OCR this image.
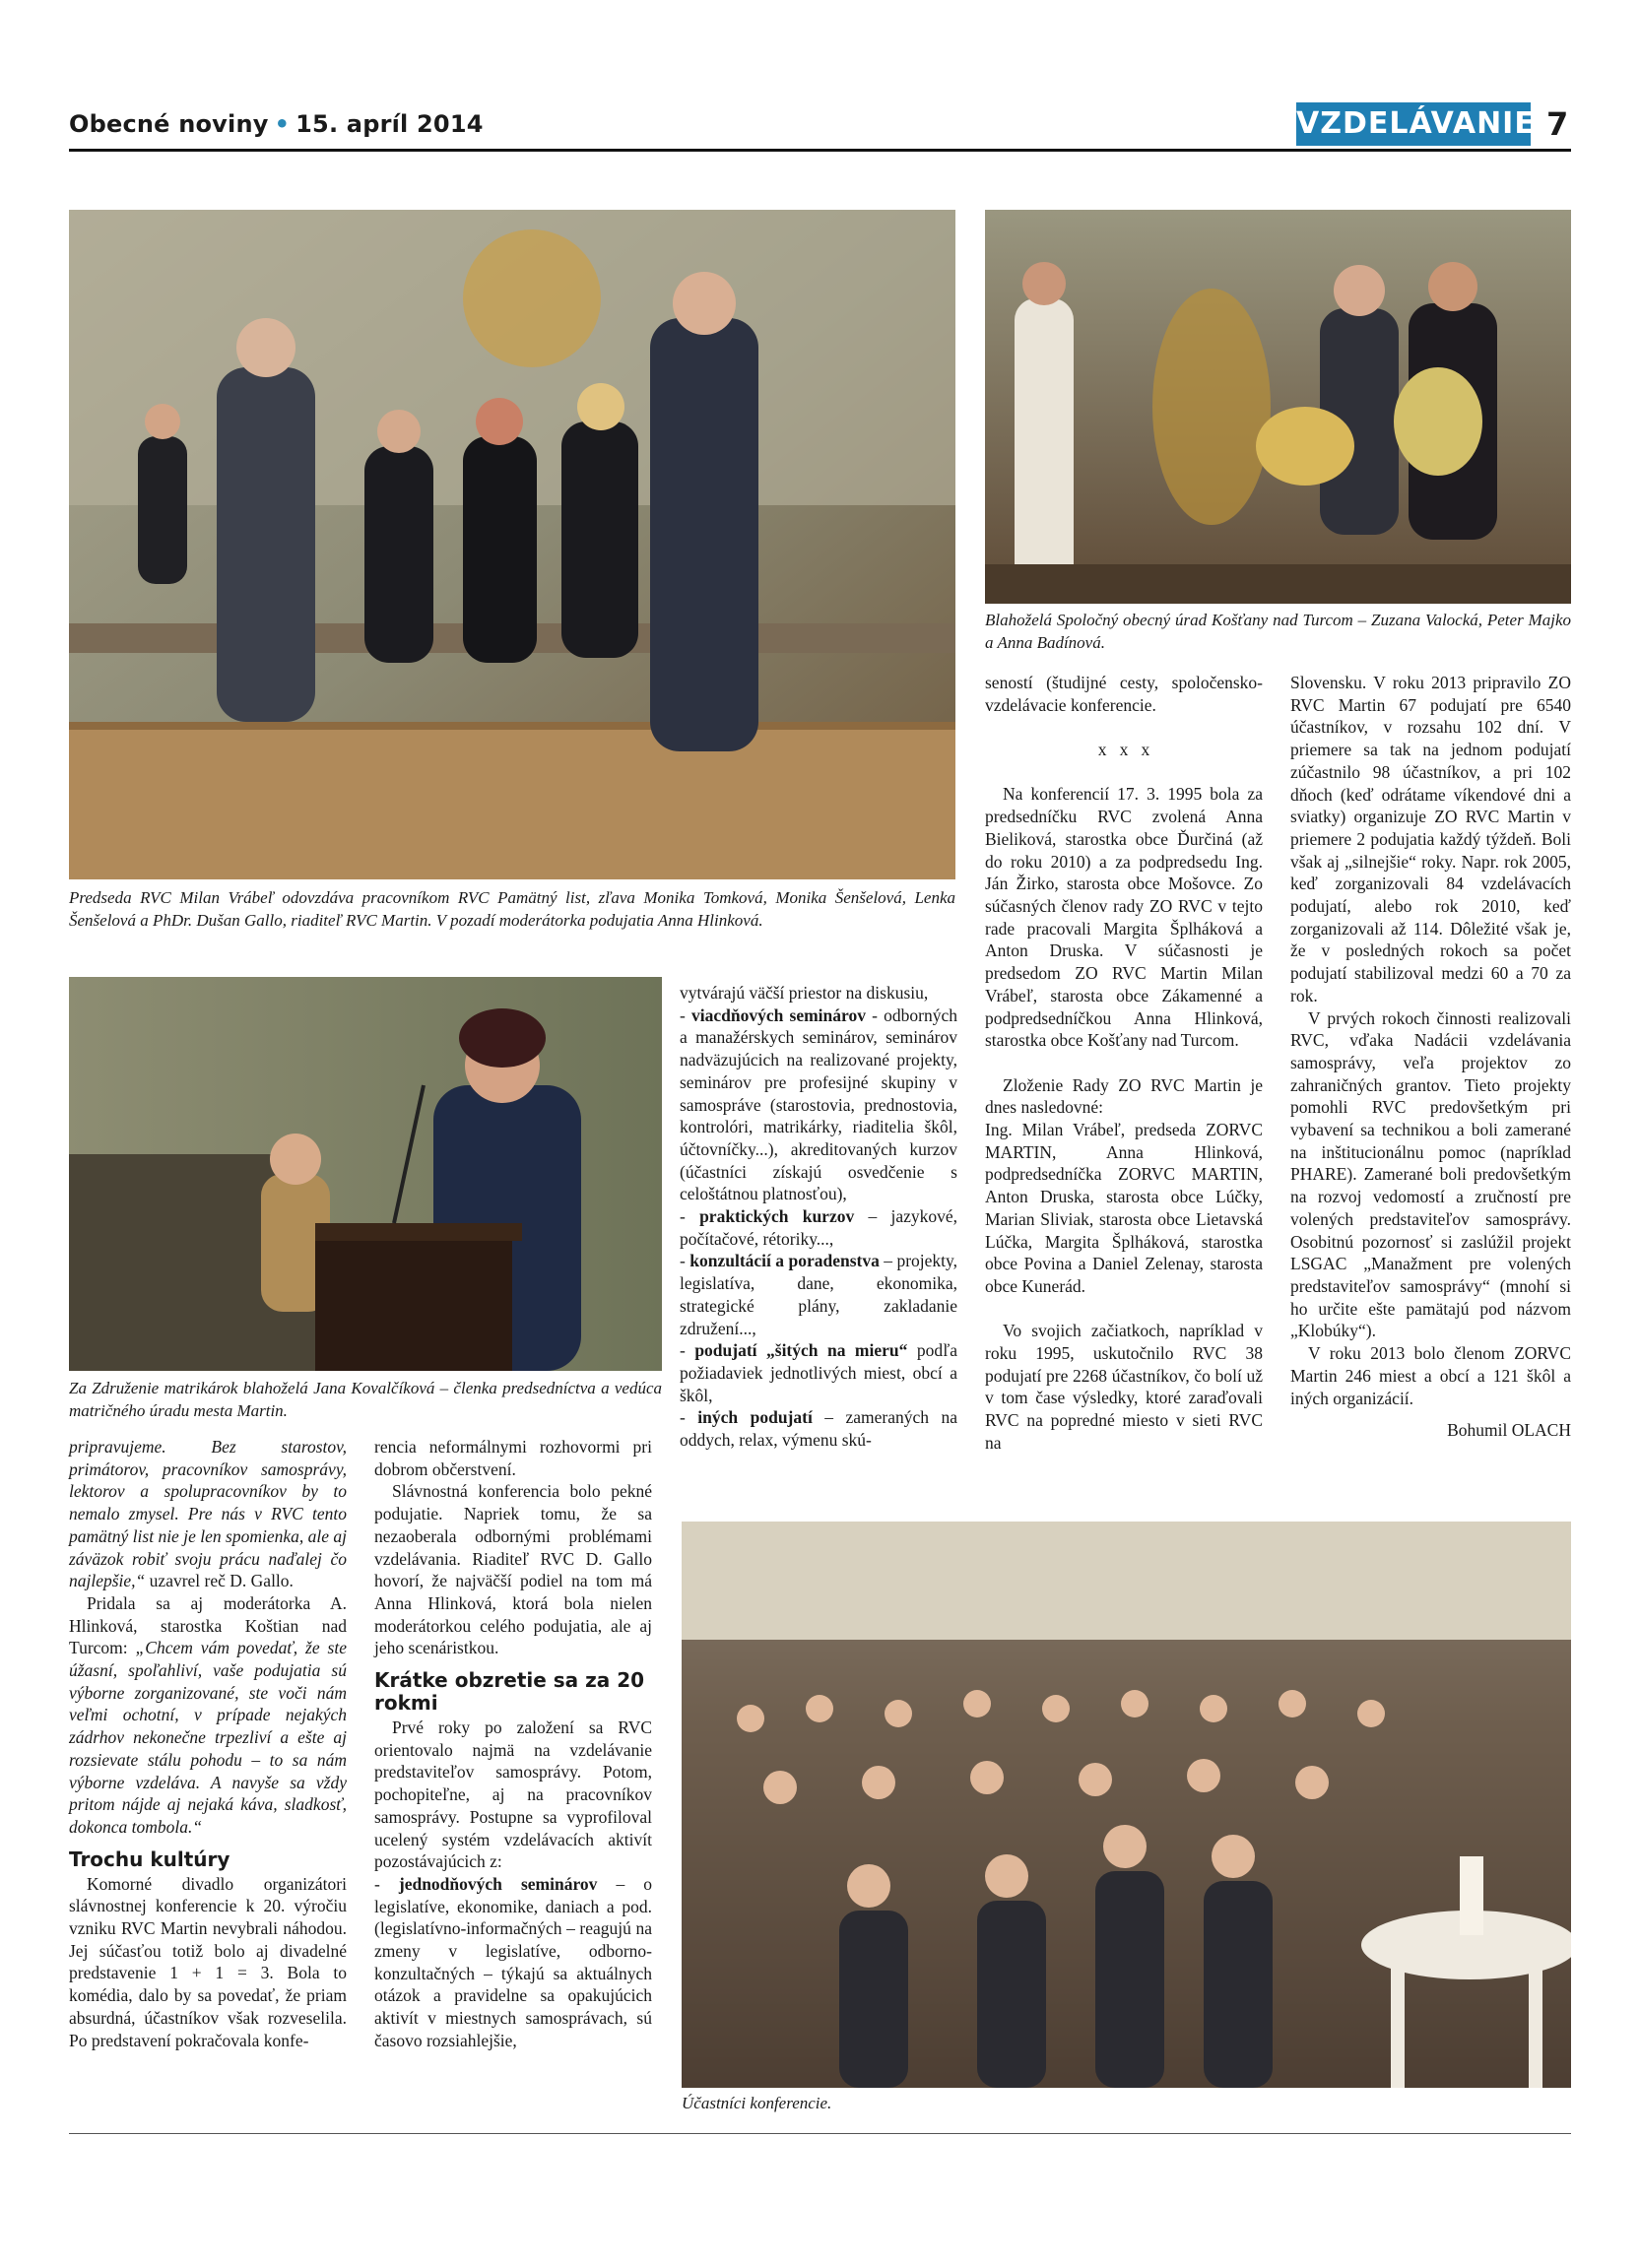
Obecné noviny • 15. apríl 2014	VZDELÁVANIE 7
Predseda RVC Milan Vrábeľ odovzdáva pracovníkom RVC Pamätný list, zľava Monika Tomková, Monika Šenšelová, Lenka Šenšelová a PhDr. Dušan Gallo, riaditeľ RVC Martin. V pozadí moderátorka podujatia Anna Hlinková.
Blahoželá Spoločný obecný úrad Košťany nad Turcom – Zuzana Valocká, Peter Majko a Anna Badínová.
Za Združenie matrikárok blahoželá Jana Kovalčíková – členka predsedníctva a vedúca matričného úradu mesta Martin.
Účastníci konferencie.

pripravujeme. Bez starostov, primátorov, pracovníkov samosprávy, lektorov a spolupracovníkov by to nemalo zmysel. Pre nás v RVC tento pamätný list nie je len spomienka, ale aj záväzok robiť svoju prácu naďalej čo najlepšie,“ uzavrel reč D. Gallo.

Pridala sa aj moderátorka A. Hlinková, starostka Koštian nad Turcom: „Chcem vám povedať, že ste úžasní, spoľahliví, vaše podujatia sú výborne zorganizované, ste voči nám veľmi ochotní, v prípade nejakých zádrhov nekonečne trpezliví a ešte aj rozsievate stálu pohodu – to sa nám výborne vzdeláva. A navyše sa vždy pritom nájde aj nejaká káva, sladkosť, dokonca tombola.“

Trochu kultúry

Komorné divadlo organizátori slávnostnej konferencie k 20. výročiu vzniku RVC Martin nevybrali náhodou. Jej súčasťou totiž bolo aj divadelné predstavenie 1 + 1 = 3. Bola to komédia, dalo by sa povedať, že priam absurdná, účastníkov však rozveselila. Po predstavení pokračovala konfe-

rencia neformálnymi rozhovormi pri dobrom občerstvení.

Slávnostná konferencia bolo pekné podujatie. Napriek tomu, že sa nezaoberala odbornými problémami vzdelávania. Riaditeľ RVC D. Gallo hovorí, že najväčší podiel na tom má Anna Hlinková, ktorá bola nielen moderátorkou celého podujatia, ale aj jeho scenáristkou.

Krátke obzretie sa za 20 rokmi

Prvé roky po založení sa RVC orientovalo najmä na vzdelávanie predstaviteľov samosprávy. Potom, pochopiteľne, aj na pracovníkov samosprávy. Postupne sa vyprofiloval ucelený systém vzdelávacích aktivít pozostávajúcich z:

- jednodňových seminárov – o legislatíve, ekonomike, daniach a pod. (legislatívno-informačných – reagujú na zmeny v legislatíve, odborno-konzultačných – týkajú sa aktuálnych otázok a pravidelne sa opakujúcich aktivít v miestnych samosprávach, sú časovo rozsiahlejšie,

vytvárajú väčší priestor na diskusiu,

- viacdňových seminárov - odborných a manažérskych seminárov, seminárov nadväzujúcich na realizované projekty, seminárov pre profesijné skupiny v samospráve (starostovia, prednostovia, kontrolóri, matrikárky, riaditelia škôl, účtovníčky...), akreditovaných kurzov (účastníci získajú osvedčenie s celoštátnou platnosťou),

- praktických kurzov – jazykové, počítačové, rétoriky...,

- konzultácií a poradenstva – projekty, legislatíva, dane, ekonomika, strategické plány, zakladanie združení...,

- podujatí „šitých na mieru“ podľa požiadaviek jednotlivých miest, obcí a škôl,

- iných podujatí – zameraných na oddych, relax, výmenu skú-

seností (študijné cesty, spoločensko-vzdelávacie konferencie.

x   x   x

Na konferencií 17. 3. 1995 bola za predsedníčku RVC zvolená Anna Bieliková, starostka obce Ďurčiná (až do roku 2010) a za podpredsedu Ing. Ján Žirko, starosta obce Mošovce. Zo súčasných členov rady ZO RVC v tejto rade pracovali Margita Šplháková a Anton Druska. V súčasnosti je predsedom ZO RVC Martin Milan Vrábeľ, starosta obce Zákamenné a podpredsedníčkou Anna Hlinková, starostka obce Košťany nad Turcom.

Zloženie Rady ZO RVC Martin je dnes nasledovné:

Ing. Milan Vrábeľ, predseda ZORVC MARTIN, Anna Hlinková, podpredsedníčka ZORVC MARTIN, Anton Druska, starosta obce Lúčky, Marian Sliviak, starosta obce Lietavská Lúčka, Margita Šplháková, starostka obce Povina a Daniel Zelenay, starosta obce Kunerád.

Vo svojich začiatkoch, napríklad v roku 1995, uskutočnilo RVC 38 podujatí pre 2268 účastníkov, čo bolí už v tom čase výsledky, ktoré zaraďovali RVC na popredné miesto v sieti RVC na

Slovensku. V roku 2013 pripravilo ZO RVC Martin 67 podujatí pre 6540 účastníkov, v rozsahu 102 dní. V priemere sa tak na jednom podujatí zúčastnilo 98 účastníkov, a pri 102 dňoch (keď odrátame víkendové dni a sviatky) organizuje ZO RVC Martin v priemere 2 podujatia každý týždeň. Boli však aj „silnejšie“ roky. Napr. rok 2005, keď zorganizovali 84 vzdelávacích podujatí, alebo rok 2010, keď zorganizovali až 114. Dôležité však je, že v posledných rokoch sa počet podujatí stabilizoval medzi 60 a 70 za rok.

V prvých rokoch činnosti realizovali RVC, vďaka Nadácii vzdelávania samosprávy, veľa projektov zo zahraničných grantov. Tieto projekty pomohli RVC predovšetkým pri vybavení sa technikou a boli zamerané na inštitucionálnu pomoc (napríklad PHARE). Zamerané boli predovšetkým na rozvoj vedomostí a zručností pre volených predstaviteľov samosprávy. Osobitnú pozornosť si zaslúžil projekt LSGAC „Manažment pre volených predstaviteľov samosprávy“ (mnohí si ho určite ešte pamätajú pod názvom „Klobúky“).

V roku 2013 bolo členom ZORVC Martin 246 miest a obcí a 121 škôl a iných organizácií.

Bohumil OLACH
